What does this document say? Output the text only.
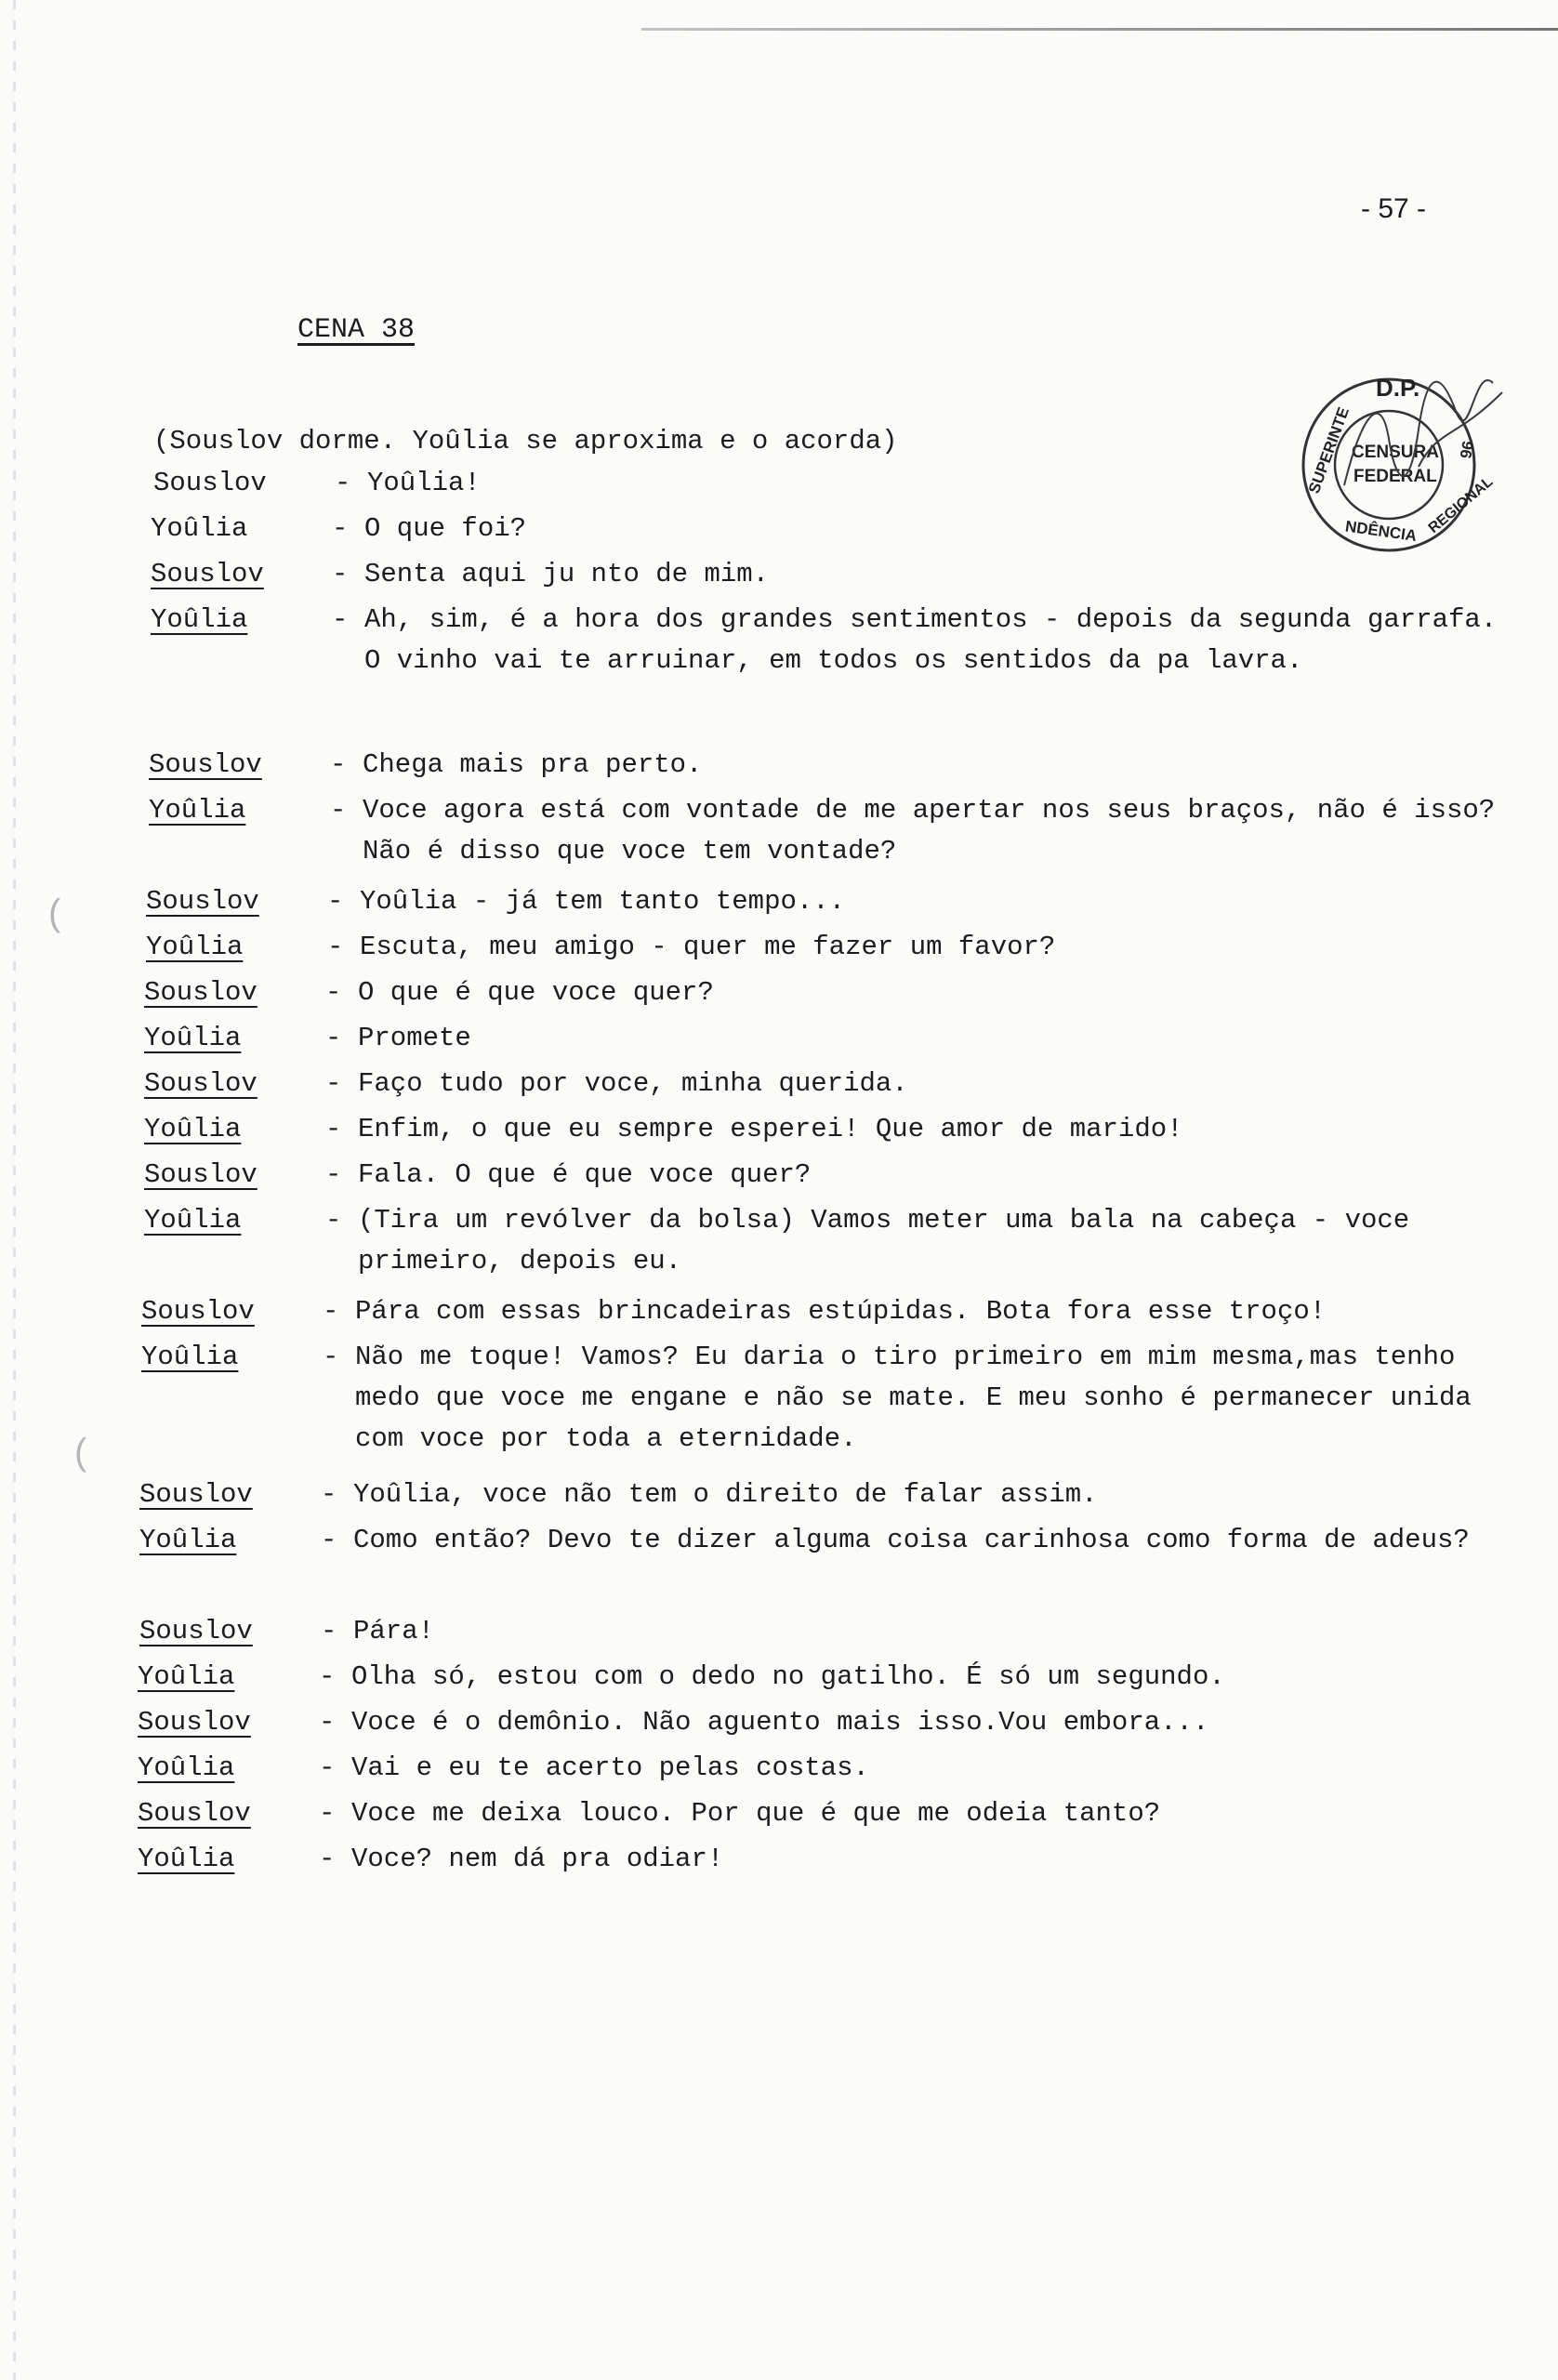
- 57 -
CENA 38
D.P.
CENSURA
FEDERAL
SUPERINTE
NDÊNCIA REGIONAL
96
(Souslov dorme. Yoûlia se aproxima e o acorda)
Souslov	- Yoûlia!
Yoûlia	- O que foi?
Souslov	- Senta aqui ju nto de mim.
Yoûlia	- Ah, sim, é a hora dos grandes sentimentos - depois da segunda garrafa. O vinho vai te arruinar, em todos os sentidos da pa lavra.
Souslov	- Chega mais pra perto.
Yoûlia	- Voce agora está com vontade de me apertar nos seus braços, não é isso? Não é disso que voce tem vontade?
Souslov	- Yoûlia - já tem tanto tempo...
Yoûlia	- Escuta, meu amigo - quer me fazer um favor?
Souslov	- O que é que voce quer?
Yoûlia	- Promete
Souslov	- Faço tudo por voce, minha querida.
Yoûlia	- Enfim, o que eu sempre esperei! Que amor de marido!
Souslov	- Fala. O que é que voce quer?
Yoûlia	- (Tira um revólver da bolsa) Vamos meter uma bala na cabeça - voce primeiro, depois eu.
Souslov	- Pára com essas brincadeiras estúpidas. Bota fora esse troço!
Yoûlia	- Não me toque! Vamos? Eu daria o tiro primeiro em mim mesma,mas tenho medo que voce me engane e não se mate. E meu sonho é permanecer unida com voce por toda a eternidade.
Souslov	- Yoûlia, voce não tem o direito de falar assim.
Yoûlia	- Como então? Devo te dizer alguma coisa carinhosa como forma de adeus?
Souslov	- Pára!
Yoûlia	- Olha só, estou com o dedo no gatilho. É só um segundo.
Souslov	- Voce é o demônio. Não aguento mais isso.Vou embora...
Yoûlia	- Vai e eu te acerto pelas costas.
Souslov	- Voce me deixa louco. Por que é que me odeia tanto?
Yoûlia	- Voce? nem dá pra odiar!
(
(
